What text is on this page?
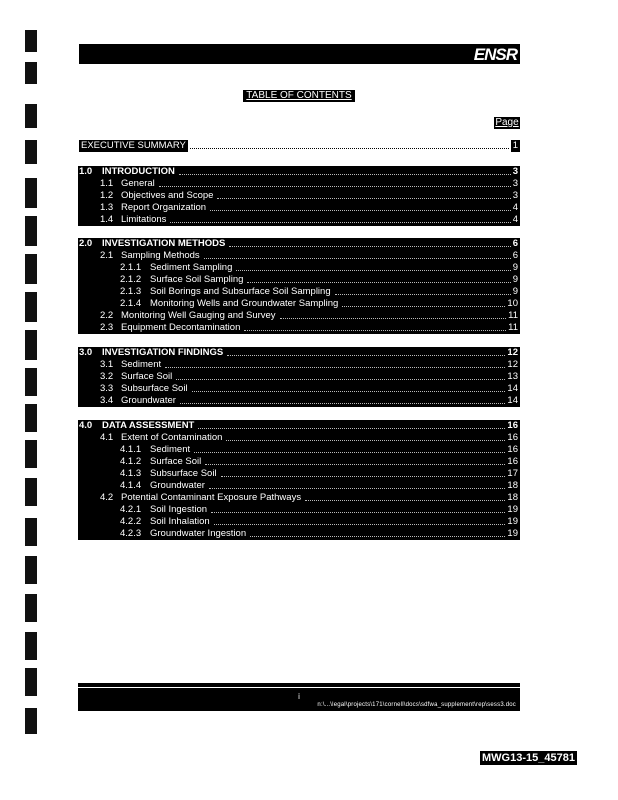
ENSR
TABLE OF CONTENTS
Page
EXECUTIVE SUMMARY	1
1.0	INTRODUCTION	3
1.1 General	3
1.2 Objectives and Scope	3
1.3 Report Organization	4
1.4 Limitations	4
2.0	INVESTIGATION METHODS	6
2.1 Sampling Methods	6
2.1.1 Sediment Sampling	9
2.1.2 Surface Soil Sampling	9
2.1.3 Soil Borings and Subsurface Soil Sampling	9
2.1.4 Monitoring Wells and Groundwater Sampling	10
2.2 Monitoring Well Gauging and Survey	11
2.3 Equipment Decontamination	11
3.0	INVESTIGATION FINDINGS	12
3.1 Sediment	12
3.2 Surface Soil	13
3.3 Subsurface Soil	14
3.4 Groundwater	14
4.0	DATA ASSESSMENT	16
4.1 Extent of Contamination	16
4.1.1 Sediment	16
4.1.2 Surface Soil	16
4.1.3 Subsurface Soil	17
4.1.4 Groundwater	18
4.2 Potential Contaminant Exposure Pathways	18
4.2.1 Soil Ingestion	19
4.2.2 Soil Inhalation	19
4.2.3 Groundwater Ingestion	19
i
n:\...\legal\projects\171\cornell\docs\sdfwa_supplement\rep\sess3.doc
MWG13-15_45781
